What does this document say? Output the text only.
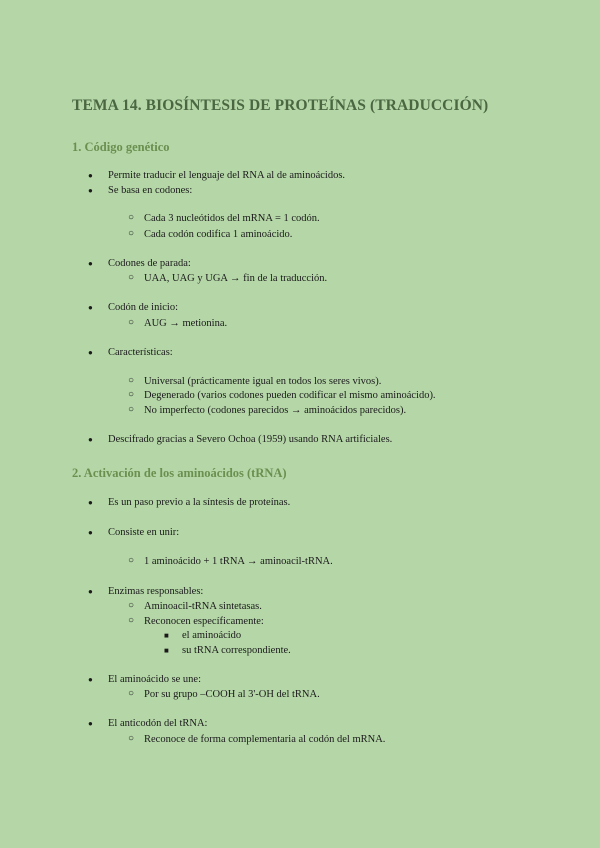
TEMA 14. BIOSÍNTESIS DE PROTEÍNAS (TRADUCCIÓN)
1. Código genético
● Permite traducir el lenguaje del RNA al de aminoácidos.
● Se basa en codones:
○ Cada 3 nucleótidos del mRNA = 1 codón.
○ Cada codón codifica 1 aminoácido.
● Codones de parada:
○ UAA, UAG y UGA → fin de la traducción.
● Codón de inicio:
○ AUG → metionina.
● Características:
○ Universal (prácticamente igual en todos los seres vivos).
○ Degenerado (varios codones pueden codificar el mismo aminoácido).
○ No imperfecto (codones parecidos → aminoácidos parecidos).
● Descifrado gracias a Severo Ochoa (1959) usando RNA artificiales.
2. Activación de los aminoácidos (tRNA)
● Es un paso previo a la síntesis de proteínas.
● Consiste en unir:
○ 1 aminoácido + 1 tRNA → aminoacil-tRNA.
● Enzimas responsables:
○ Aminoacil-tRNA sintetasas.
○ Reconocen específicamente:
■ el aminoácido
■ su tRNA correspondiente.
● El aminoácido se une:
○ Por su grupo –COOH al 3'-OH del tRNA.
● El anticodón del tRNA:
○ Reconoce de forma complementaria al codón del mRNA.
